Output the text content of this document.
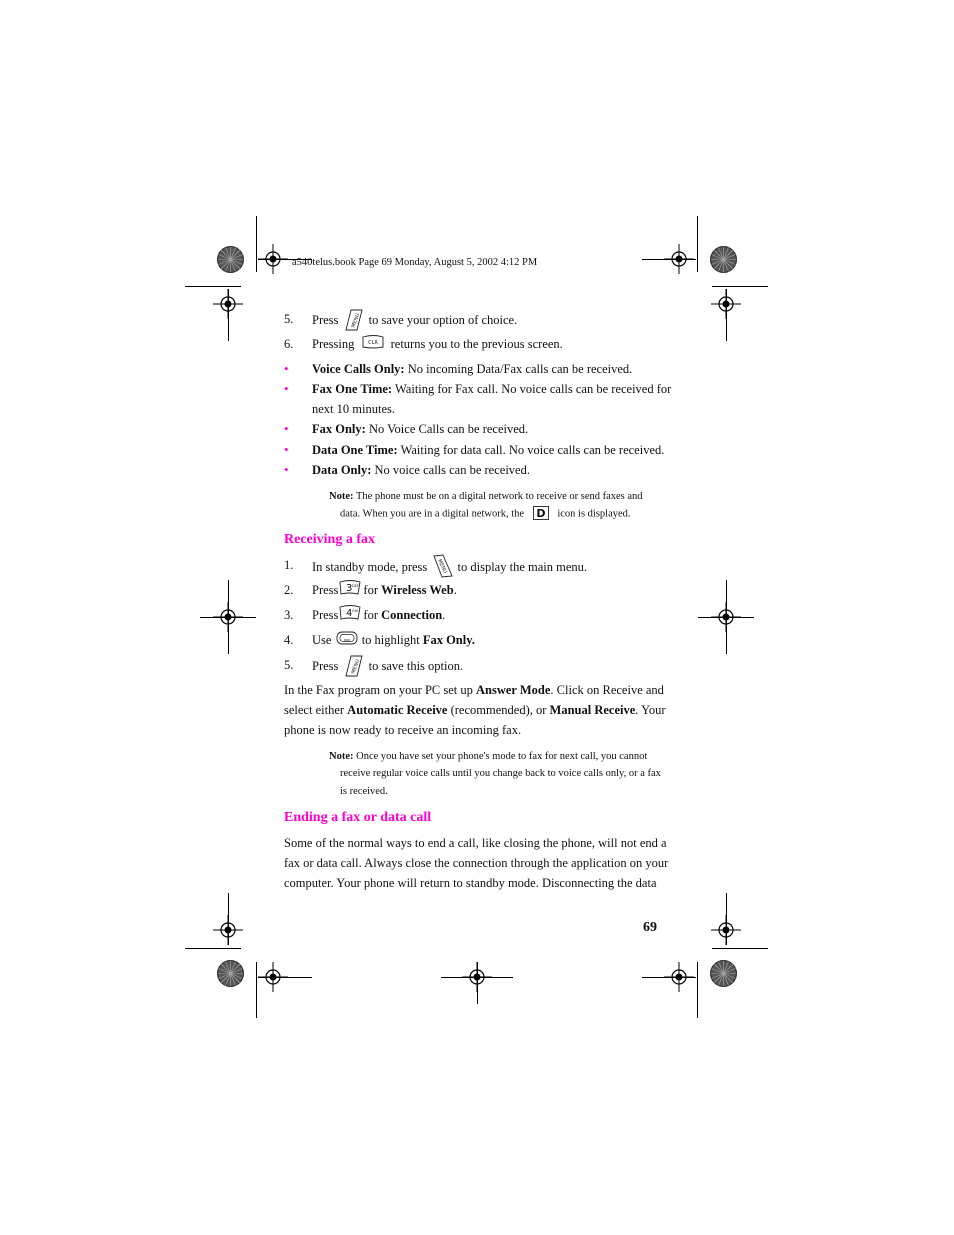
a540telus.book Page 69 Monday, August 5, 2002 4:12 PM
5. Press MENU to save your option of choice.
6. Pressing	CLR returns you to the previous screen.
• Voice Calls Only: No incoming Data/Fax calls can be received.
• Fax One Time: Waiting for Fax call. No voice calls can be received for
next 10 minutes.
• Fax Only: No Voice Calls can be received.
• Data One Time: Waiting for data call. No voice calls can be received.
• Data Only: No voice calls can be received.
Note: The phone must be on a digital network to receive or send faxes and
data. When you are in a digital network, the D icon is displayed.
Receiving a fax
1. In standby mode, press MENU to display the main menu.
2. Press 3 DEF for Wireless Web.
3. Press 4 GHI for Connection.
4. Use to highlight Fax Only.
5. Press MENU to save this option.
In the Fax program on your PC set up Answer Mode. Click on Receive and
select either Automatic Receive (recommended), or Manual Receive. Your
phone is now ready to receive an incoming fax.
Note: Once you have set your phone's mode to fax for next call, you cannot
receive regular voice calls until you change back to voice calls only, or a fax
is received.
Ending a fax or data call
Some of the normal ways to end a call, like closing the phone, will not end a
fax or data call. Always close the connection through the application on your
computer. Your phone will return to standby mode. Disconnecting the data
69
